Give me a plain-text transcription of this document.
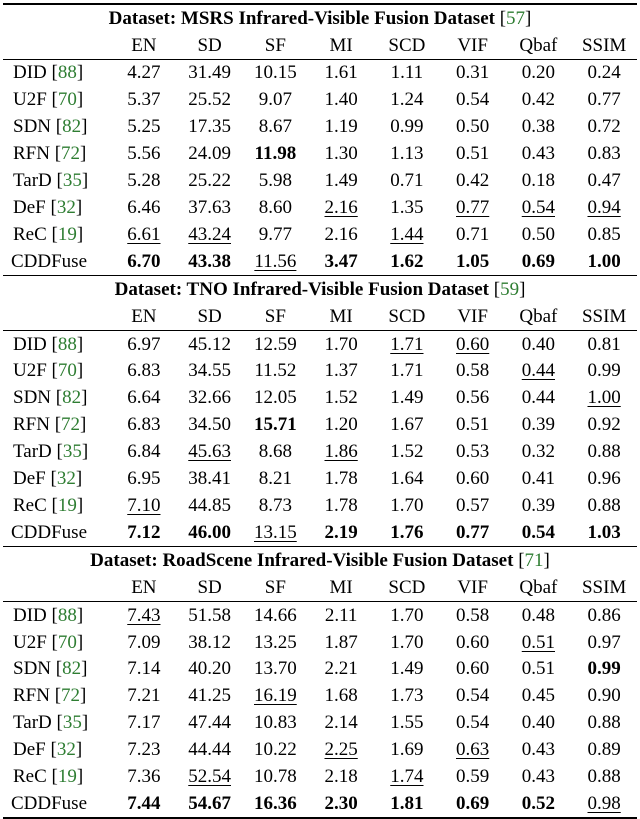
Dataset: MSRS Infrared-Visible Fusion Dataset [57]								
	EN	SD	SF	MI	SCD	VIF	Qbaf	SSIM
DID [88]	4.27	31.49	10.15	1.61	1.11	0.31	0.20	0.24
U2F [70]	5.37	25.52	9.07	1.40	1.24	0.54	0.42	0.77
SDN [82]	5.25	17.35	8.67	1.19	0.99	0.50	0.38	0.72
RFN [72]	5.56	24.09	11.98	1.30	1.13	0.51	0.43	0.83
TarD [35]	5.28	25.22	5.98	1.49	0.71	0.42	0.18	0.47
DeF [32]	6.46	37.63	8.60	2.16	1.35	0.77	0.54	0.94
ReC [19]	6.61	43.24	9.77	2.16	1.44	0.71	0.50	0.85
CDDFuse	6.70	43.38	11.56	3.47	1.62	1.05	0.69	1.00
Dataset: TNO Infrared-Visible Fusion Dataset [59]								
	EN	SD	SF	MI	SCD	VIF	Qbaf	SSIM
DID [88]	6.97	45.12	12.59	1.70	1.71	0.60	0.40	0.81
U2F [70]	6.83	34.55	11.52	1.37	1.71	0.58	0.44	0.99
SDN [82]	6.64	32.66	12.05	1.52	1.49	0.56	0.44	1.00
RFN [72]	6.83	34.50	15.71	1.20	1.67	0.51	0.39	0.92
TarD [35]	6.84	45.63	8.68	1.86	1.52	0.53	0.32	0.88
DeF [32]	6.95	38.41	8.21	1.78	1.64	0.60	0.41	0.96
ReC [19]	7.10	44.85	8.73	1.78	1.70	0.57	0.39	0.88
CDDFuse	7.12	46.00	13.15	2.19	1.76	0.77	0.54	1.03
Dataset: RoadScene Infrared-Visible Fusion Dataset [71]								
	EN	SD	SF	MI	SCD	VIF	Qbaf	SSIM
DID [88]	7.43	51.58	14.66	2.11	1.70	0.58	0.48	0.86
U2F [70]	7.09	38.12	13.25	1.87	1.70	0.60	0.51	0.97
SDN [82]	7.14	40.20	13.70	2.21	1.49	0.60	0.51	0.99
RFN [72]	7.21	41.25	16.19	1.68	1.73	0.54	0.45	0.90
TarD [35]	7.17	47.44	10.83	2.14	1.55	0.54	0.40	0.88
DeF [32]	7.23	44.44	10.22	2.25	1.69	0.63	0.43	0.89
ReC [19]	7.36	52.54	10.78	2.18	1.74	0.59	0.43	0.88
CDDFuse	7.44	54.67	16.36	2.30	1.81	0.69	0.52	0.98
